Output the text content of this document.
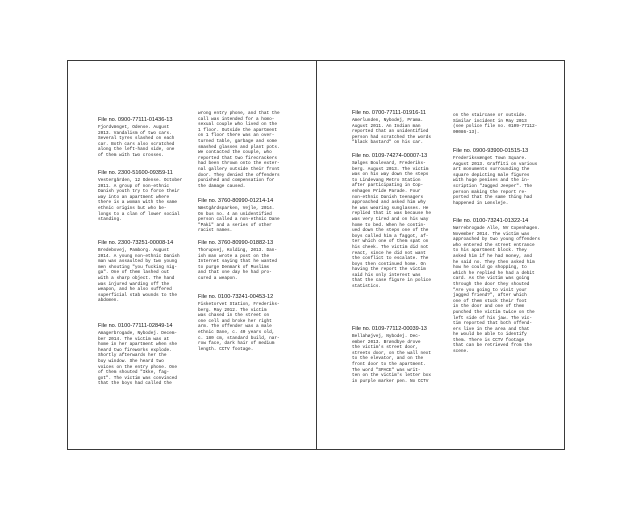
File no. 0900-77111-01436-13
Fjordvænget, Odense. August
2013. Vandalism of two cars.
Several tyres slashed on each
car. Both cars also scratched
along the left-hand side, one
of them with two crosses.
File no. 2300-51600-09359-11
Vestergården, 12 Odense. October
2011. A group of non-ethnic
Danish youth try to force their
way into an apartment where
there is a woman with the same
ethnic origins but who be-
longs to a clan of lower social
standing.
File no. 2300-73251-00008-14
Bredebovej, Pamborg. August
2014. A young non-ethnic Danish
man was assaulted by two young
men shouting "you fucking nig-
ga". One of them lashed out
with a sharp object. The hand
was injured warding off the
weapon, and he also suffered
superficial stab wounds to the
abdomen.
File no. 0100-77111-02849-14
Amagerbrogade, Nybodej. Decem-
ber 2014. The victim was at
home in her apartment when she
heard two fireworks explode.
Shortly afterwards her the
buy window. She heard two
voices on the entry phone. One
of them shouted "Ikke, fag-
got". The victim was convinced
that the boys had called the
wrong entry phone, and that the
call was intended for a homo-
sexual couple who lived on the
1 floor. Outside the apartment
on 1 floor there was an over-
turned table, garbage and some
smashed glasses and plant pots.
We contacted the couple, who
reported that two firecrackers
had been thrown onto the exter-
nal gallery outside their front
door. They denied the offenders
punished and compensation for
the damage caused.
File no. 3760-80990-01214-14
Næstgårdsparken, Vejle, 2014.
On bus no. 4 an unidentified
person called a non-ethnic Dane
"Paki" and a series of other
racist names.
File no. 3760-80990-01882-13
Thorupvej, Kolding, 2013. Dan-
ish man wrote a post on the
Internet saying that he wanted
to purge Denmark of Muslims
and that one day he had pro-
cured a weapon.
File no. 0100-73241-00453-12
Fisketorvet Station, Frederiks-
berg. May 2012. The victim
was chased in the street on
one cell and broke her right
arm. The offender was a male
ethnic Dane, c. 40 years old,
c. 180 cm, standard build, nar-
row face, dark hair of medium
length. CCTV footage.
File no. 0700-77111-01916-11
Amerlunden, Nybodej, Prama.
August 2011. An Indian man
reported that an unidentified
person had scratched the words
"black bastard" on his car.
File no. 0109-74274-00007-13
Sølges Boulevard, Frederiks-
berg. August 2013. The victim
was on his way down the steps
to Lindevang Metro Station
after participating in Cop-
enhagen Pride Parade. Four
non-ethnic Danish teenagers
approached and asked him why
he was wearing sunglasses. He
replied that it was because he
was very tired and on his way
home to bed. When he contin-
ued down the steps one of the
boys called him a faggot, af-
ter which one of them spat on
his cheek. The victim did not
react, since he did not want
the conflict to escalate. The
boys then continued home. On
having the report the victim
said his only interest was
that the case figure in police
statistics.
File no. 0109-77112-00039-13
Bellahøjvej, Nybodej. Dec-
ember 2013. Brøndbye drove
the victim's street door,
streets door, on the wall next
to the elevator, and on the
front door to the apartment.
The word "SPACE" was writ-
ten on the victim's letter box
in purple marker pen. No CCTV
on the staircase or outside.
Similar incident in May 2013
(see police file no. 0109-77112-
00086-13).
File no. 0900-93900-01515-13
Frederiksvænget Town Square.
August 2013. Graffiti on various
art monuments surrounding the
square depicting male figures
with huge penises and the in-
scription "Jagged Jeeper". The
person making the report re-
ported that the same thing had
happened in Lønsleje.
File no. 0100-73241-01322-14
Nørrebrogade Alle, NV Copenhagen.
November 2014. The victim was
approached by two young offenders
who entered the street entrance
to his apartment block. They
asked him if he had money, and
he said no. They then asked him
how he could go shopping, to
which he replied he had a debit
card. As the victim was going
through the door they shouted
"Are you going to visit your
jagged friend?", after which
one of them stuck their foot
in the door and one of them
punched the victim twice on the
left side of his jaw. The vic-
tim reported that both offend-
ers live in the area and that
he would be able to identify
them. There is CCTV footage
that can be retrieved from the
scene.
